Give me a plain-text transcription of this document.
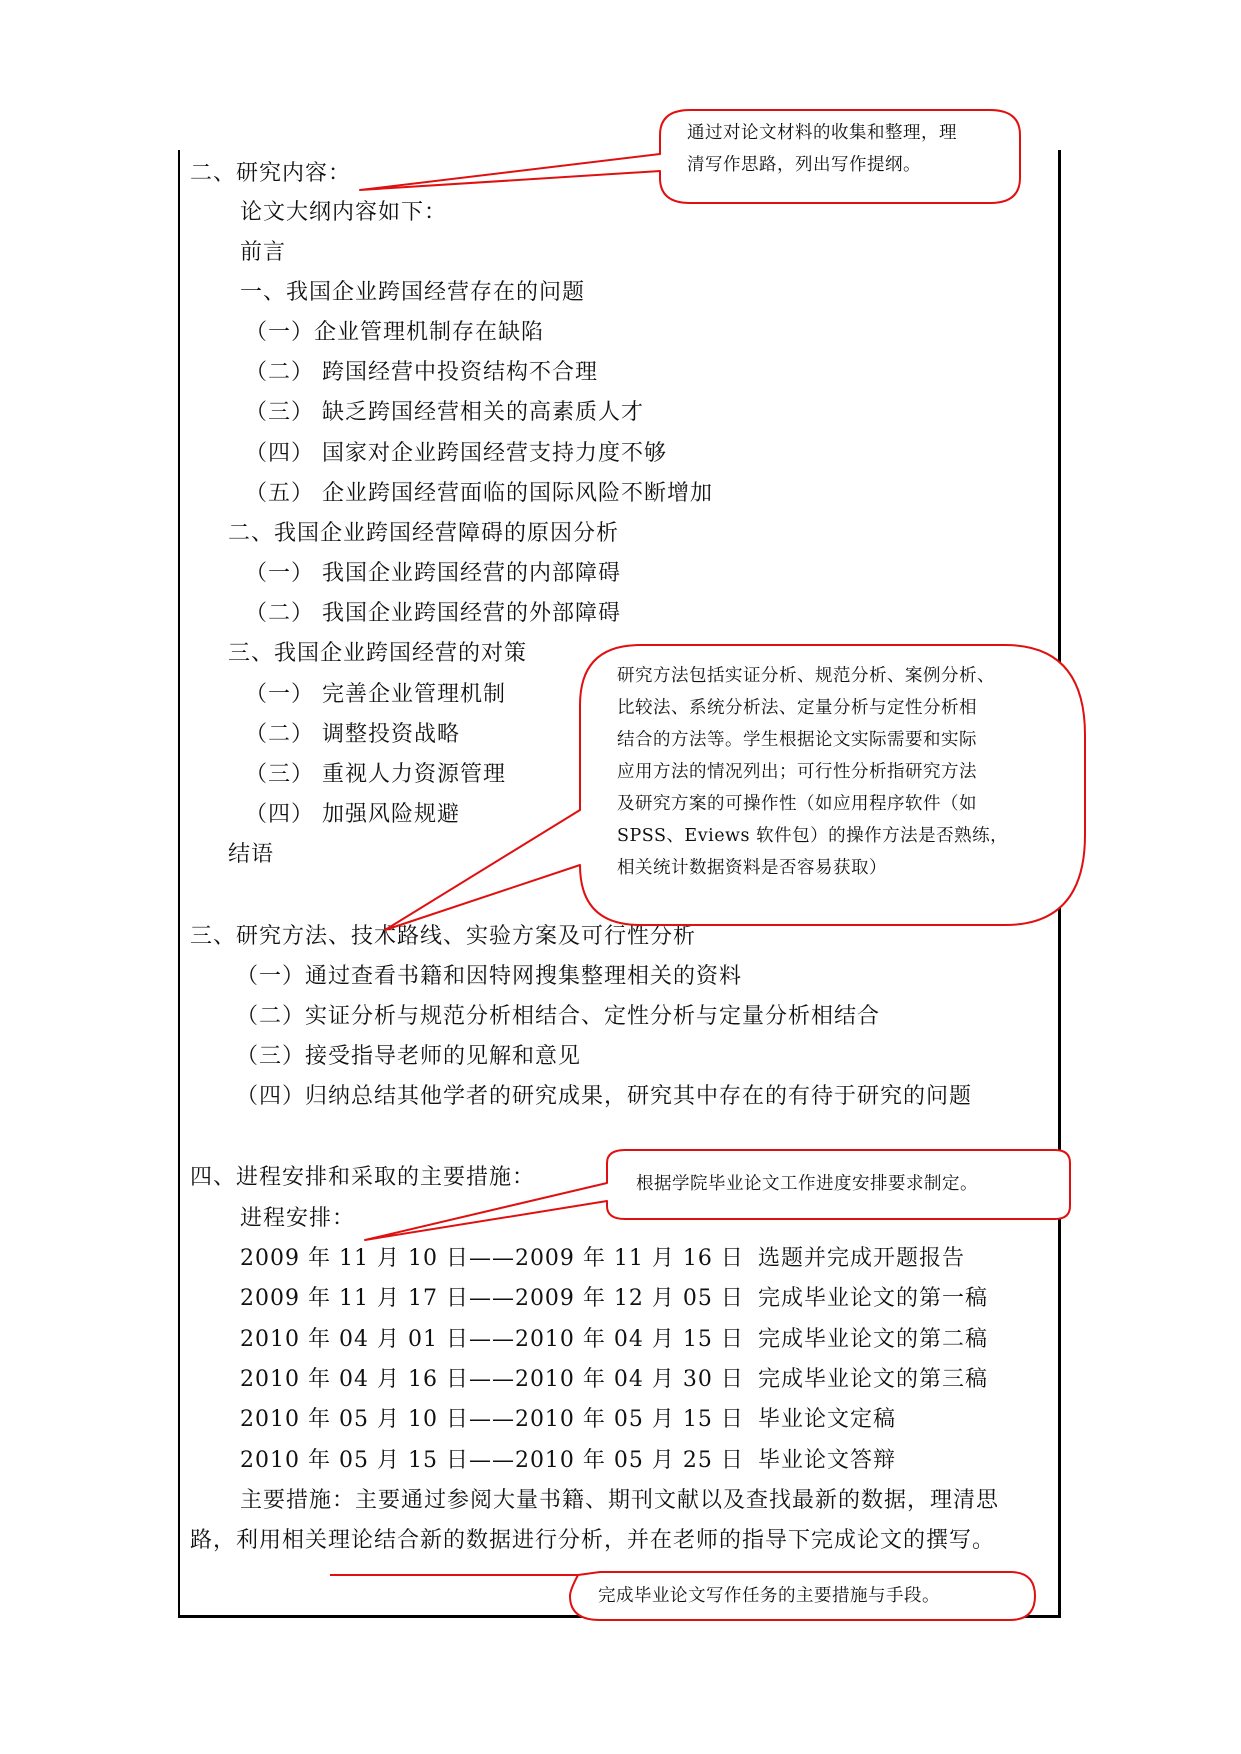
二、研究内容：
论文大纲内容如下：
前言
一、我国企业跨国经营存在的问题
（一）企业管理机制存在缺陷
（二） 跨国经营中投资结构不合理
（三） 缺乏跨国经营相关的高素质人才
（四） 国家对企业跨国经营支持力度不够
（五） 企业跨国经营面临的国际风险不断增加
二、我国企业跨国经营障碍的原因分析
（一） 我国企业跨国经营的内部障碍
（二） 我国企业跨国经营的外部障碍
三、我国企业跨国经营的对策
（一） 完善企业管理机制
（二） 调整投资战略
（三） 重视人力资源管理
（四） 加强风险规避
结语
三、研究方法、技术路线、实验方案及可行性分析
（一）通过查看书籍和因特网搜集整理相关的资料
（二）实证分析与规范分析相结合、定性分析与定量分析相结合
（三）接受指导老师的见解和意见
（四）归纳总结其他学者的研究成果，研究其中存在的有待于研究的问题
四、进程安排和采取的主要措施：
进程安排：
2009 年 11 月 10 日——2009 年 11 月 16 日 选题并完成开题报告
2009 年 11 月 17 日——2009 年 12 月 05 日 完成毕业论文的第一稿
2010 年 04 月 01 日——2010 年 04 月 15 日 完成毕业论文的第二稿
2010 年 04 月 16 日——2010 年 04 月 30 日 完成毕业论文的第三稿
2010 年 05 月 10 日——2010 年 05 月 15 日 毕业论文定稿
2010 年 05 月 15 日——2010 年 05 月 25 日 毕业论文答辩
主要措施：主要通过参阅大量书籍、期刊文献以及查找最新的数据，理清思
路，利用相关理论结合新的数据进行分析，并在老师的指导下完成论文的撰写。
通过对论文材料的收集和整理，理
清写作思路，列出写作提纲。
研究方法包括实证分析、规范分析、案例分析、
比较法、系统分析法、定量分析与定性分析相
结合的方法等。学生根据论文实际需要和实际
应用方法的情况列出；可行性分析指研究方法
及研究方案的可操作性（如应用程序软件（如
SPSS、Eviews 软件包）的操作方法是否熟练，
相关统计数据资料是否容易获取）
根据学院毕业论文工作进度安排要求制定。
完成毕业论文写作任务的主要措施与手段。
